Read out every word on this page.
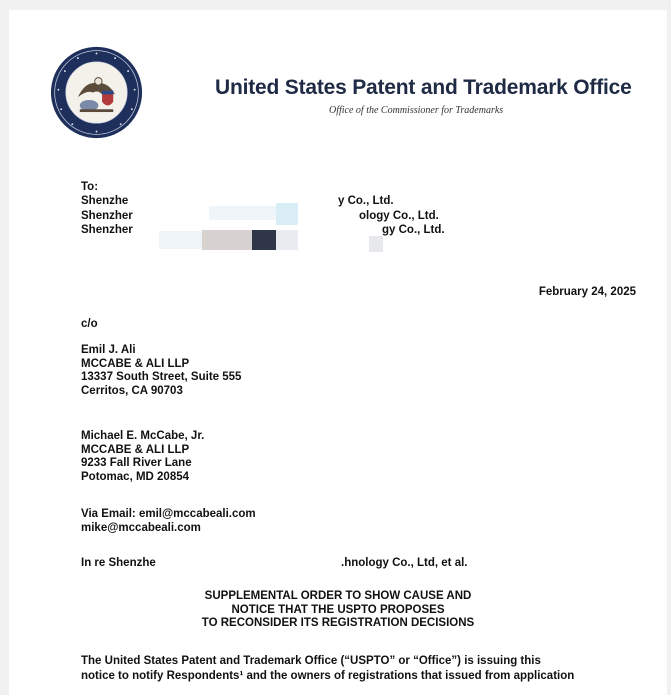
United States Patent and Trademark Office
Office of the Commissioner for Trademarks
To:
Shenzhe	y Co., Ltd.
Shenzher	ology Co., Ltd.
Shenzher	gy Co., Ltd.
February 24, 2025
c/o
Emil J. Ali
MCCABE & ALI LLP
13337 South Street, Suite 555
Cerritos, CA 90703
Michael E. McCabe, Jr.
MCCABE & ALI LLP
9233 Fall River Lane
Potomac, MD 20854
Via Email: emil@mccabeali.com
mike@mccabeali.com
In re Shenzhe	.hnology Co., Ltd, et al.
SUPPLEMENTAL ORDER TO SHOW CAUSE AND
NOTICE THAT THE USPTO PROPOSES
TO RECONSIDER ITS REGISTRATION DECISIONS
The United States Patent and Trademark Office (“USPTO” or “Office”) is issuing this
notice to notify Respondents¹ and the owners of registrations that issued from application
